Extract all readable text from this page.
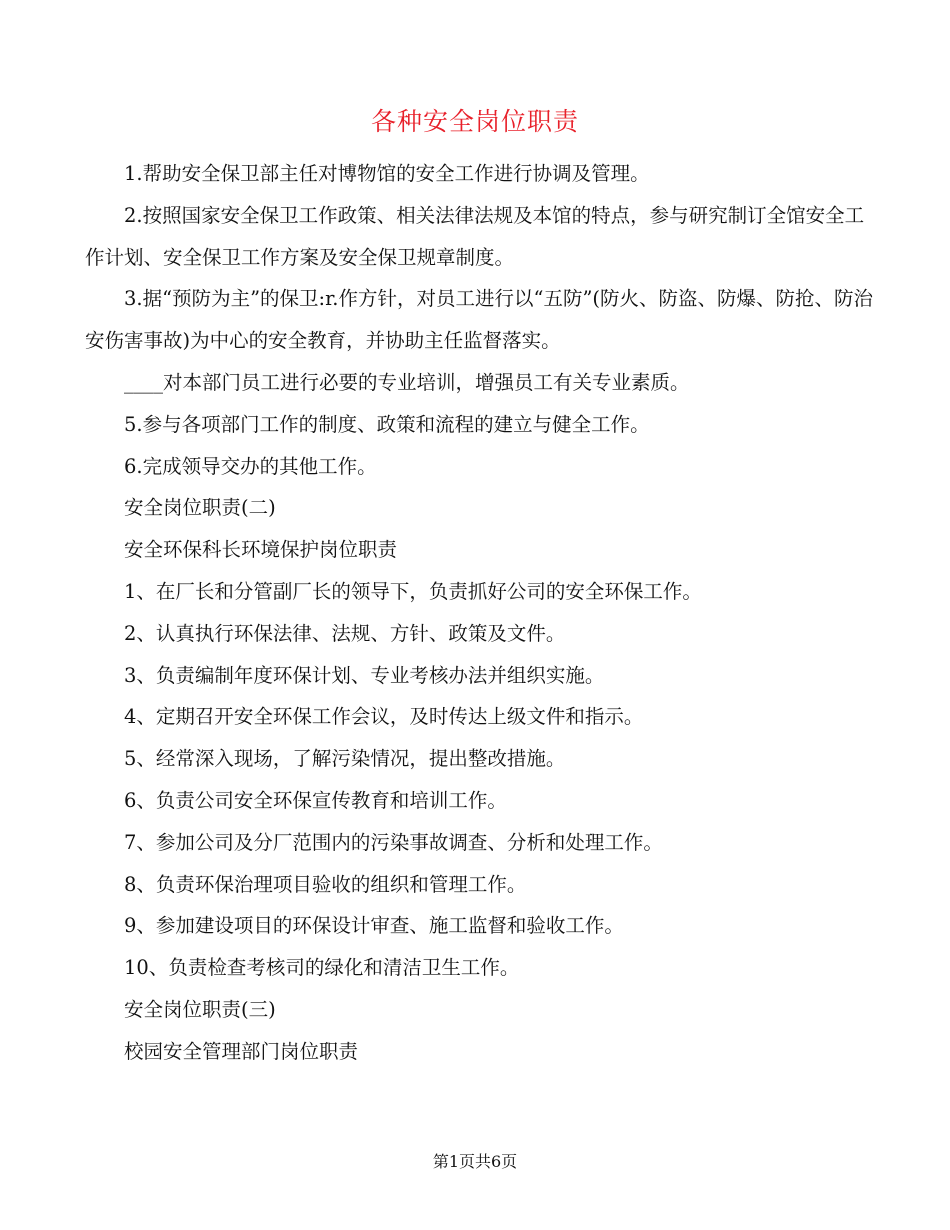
各种安全岗位职责

1.帮助安全保卫部主任对博物馆的安全工作进行协调及管理。

2.按照国家安全保卫工作政策、相关法律法规及本馆的特点，参与研究制订全馆安全工作计划、安全保卫工作方案及安全保卫规章制度。

3.据“预防为主”的保卫:r.作方针，对员工进行以“五防”(防火、防盗、防爆、防抢、防治安伤害事故)为中心的安全教育，并协助主任监督落实。

____对本部门员工进行必要的专业培训，增强员工有关专业素质。

5.参与各项部门工作的制度、政策和流程的建立与健全工作。

6.完成领导交办的其他工作。

安全岗位职责(二)

安全环保科长环境保护岗位职责

1、在厂长和分管副厂长的领导下，负责抓好公司的安全环保工作。

2、认真执行环保法律、法规、方针、政策及文件。

3、负责编制年度环保计划、专业考核办法并组织实施。

4、定期召开安全环保工作会议，及时传达上级文件和指示。

5、经常深入现场，了解污染情况，提出整改措施。

6、负责公司安全环保宣传教育和培训工作。

7、参加公司及分厂范围内的污染事故调查、分析和处理工作。

8、负责环保治理项目验收的组织和管理工作。

9、参加建设项目的环保设计审查、施工监督和验收工作。

10、负责检查考核司的绿化和清洁卫生工作。

安全岗位职责(三)

校园安全管理部门岗位职责

第1页共6页
